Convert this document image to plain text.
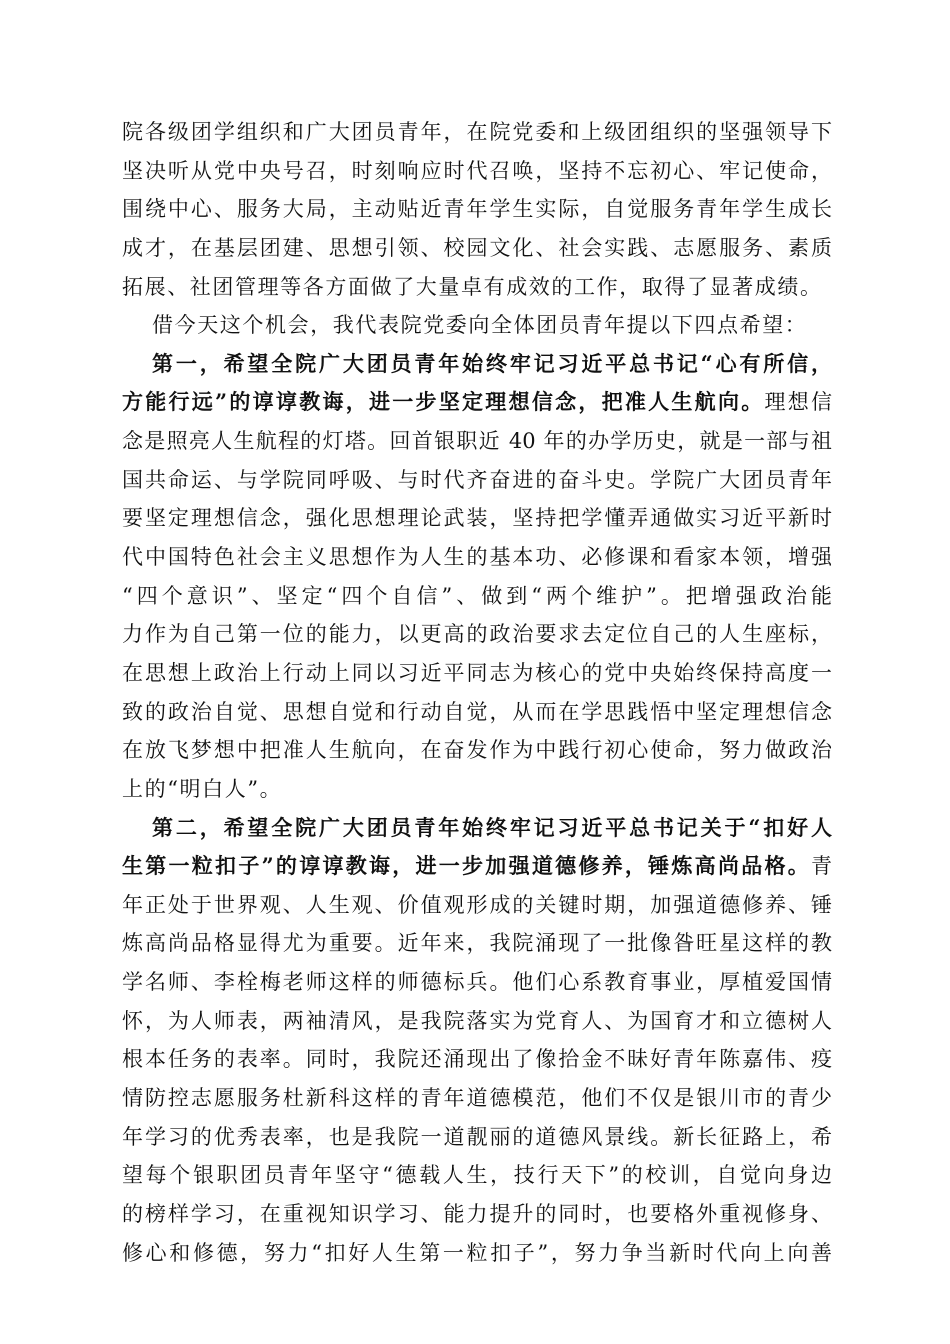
院各级团学组织和广大团员青年，在院党委和上级团组织的坚强领导下
坚决听从党中央号召，时刻响应时代召唤，坚持不忘初心、牢记使命，
围绕中心、服务大局，主动贴近青年学生实际，自觉服务青年学生成长
成才，在基层团建、思想引领、校园文化、社会实践、志愿服务、素质
拓展、社团管理等各方面做了大量卓有成效的工作，取得了显著成绩。
借今天这个机会，我代表院党委向全体团员青年提以下四点希望：
第一，希望全院广大团员青年始终牢记习近平总书记“心有所信，
方能行远”的谆谆教诲，进一步坚定理想信念，把准人生航向。理想信
念是照亮人生航程的灯塔。回首银职近 40 年的办学历史，就是一部与祖
国共命运、与学院同呼吸、与时代齐奋进的奋斗史。学院广大团员青年
要坚定理想信念，强化思想理论武装，坚持把学懂弄通做实习近平新时
代中国特色社会主义思想作为人生的基本功、必修课和看家本领，增强
“四个意识”、坚定“四个自信”、做到“两个维护”。把增强政治能
力作为自己第一位的能力，以更高的政治要求去定位自己的人生座标，
在思想上政治上行动上同以习近平同志为核心的党中央始终保持高度一
致的政治自觉、思想自觉和行动自觉，从而在学思践悟中坚定理想信念
在放飞梦想中把准人生航向，在奋发作为中践行初心使命，努力做政治
上的“明白人”。
第二，希望全院广大团员青年始终牢记习近平总书记关于“扣好人
生第一粒扣子”的谆谆教诲，进一步加强道德修养，锤炼高尚品格。青
年正处于世界观、人生观、价值观形成的关键时期，加强道德修养、锤
炼高尚品格显得尤为重要。近年来，我院涌现了一批像昝旺星这样的教
学名师、李栓梅老师这样的师德标兵。他们心系教育事业，厚植爱国情
怀，为人师表，两袖清风，是我院落实为党育人、为国育才和立德树人
根本任务的表率。同时，我院还涌现出了像拾金不昧好青年陈嘉伟、疫
情防控志愿服务杜新科这样的青年道德模范，他们不仅是银川市的青少
年学习的优秀表率，也是我院一道靓丽的道德风景线。新长征路上，希
望每个银职团员青年坚守“德载人生，技行天下”的校训，自觉向身边
的榜样学习，在重视知识学习、能力提升的同时，也要格外重视修身、
修心和修德，努力“扣好人生第一粒扣子”，努力争当新时代向上向善
